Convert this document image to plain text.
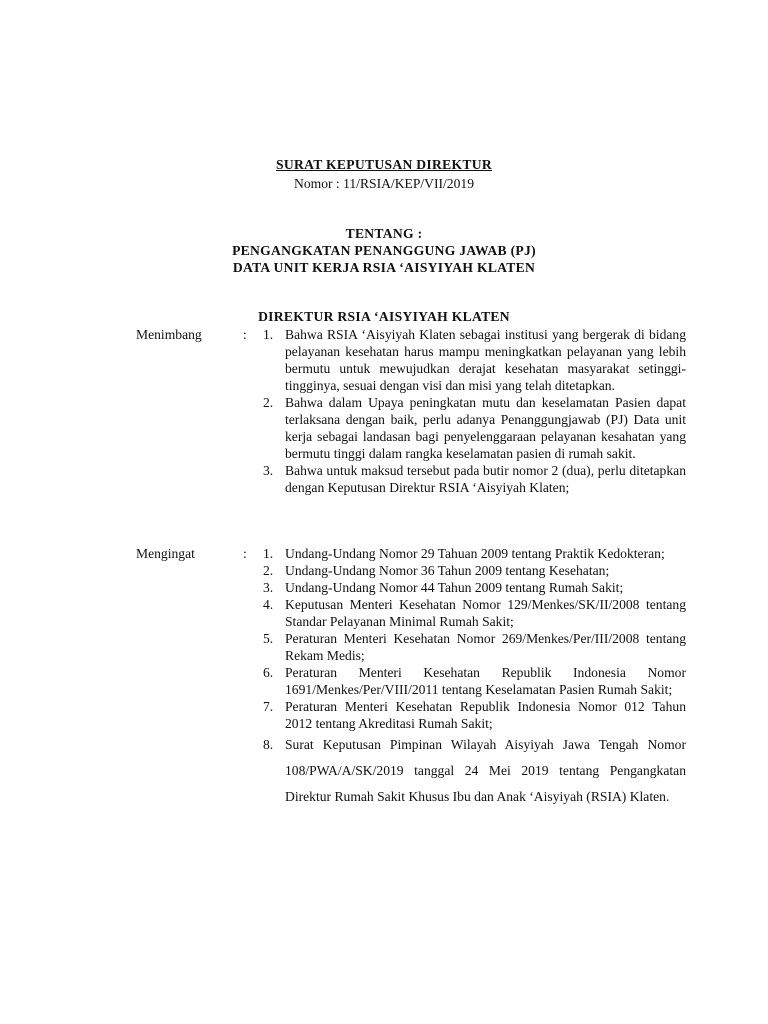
SURAT KEPUTUSAN DIREKTUR
Nomor : 11/RSIA/KEP/VII/2019
TENTANG :
PENGANGKATAN PENANGGUNG JAWAB (PJ)
DATA UNIT KERJA RSIA ‘AISYIYAH KLATEN
DIREKTUR RSIA ‘AISYIYAH KLATEN
Menimbang	: 1. Bahwa RSIA ‘Aisyiyah Klaten sebagai institusi yang bergerak di bidang pelayanan kesehatan harus mampu meningkatkan pelayanan yang lebih bermutu untuk mewujudkan derajat kesehatan masyarakat setinggi-tingginya, sesuai dengan visi dan misi yang telah ditetapkan.
2. Bahwa dalam Upaya peningkatan mutu dan keselamatan Pasien dapat terlaksana dengan baik, perlu adanya Penanggungjawab (PJ) Data unit kerja sebagai landasan bagi penyelenggaraan pelayanan kesahatan yang bermutu tinggi dalam rangka keselamatan pasien di rumah sakit.
3. Bahwa untuk maksud tersebut pada butir nomor 2 (dua), perlu ditetapkan dengan Keputusan Direktur RSIA ‘Aisyiyah Klaten;
Mengingat	: 1. Undang-Undang Nomor 29 Tahuan 2009 tentang Praktik Kedokteran;
2. Undang-Undang Nomor 36 Tahun 2009 tentang Kesehatan;
3. Undang-Undang Nomor 44 Tahun 2009 tentang Rumah Sakit;
4. Keputusan Menteri Kesehatan Nomor 129/Menkes/SK/II/2008 tentang Standar Pelayanan Minimal Rumah Sakit;
5. Peraturan Menteri Kesehatan Nomor 269/Menkes/Per/III/2008 tentang Rekam Medis;
6. Peraturan Menteri Kesehatan Republik Indonesia Nomor 1691/Menkes/Per/VIII/2011 tentang Keselamatan Pasien Rumah Sakit;
7. Peraturan Menteri Kesehatan Republik Indonesia Nomor 012 Tahun 2012 tentang Akreditasi Rumah Sakit;
8. Surat Keputusan Pimpinan Wilayah Aisyiyah Jawa Tengah Nomor 108/PWA/A/SK/2019 tanggal 24 Mei 2019 tentang Pengangkatan Direktur Rumah Sakit Khusus Ibu dan Anak ‘Aisyiyah (RSIA) Klaten.
